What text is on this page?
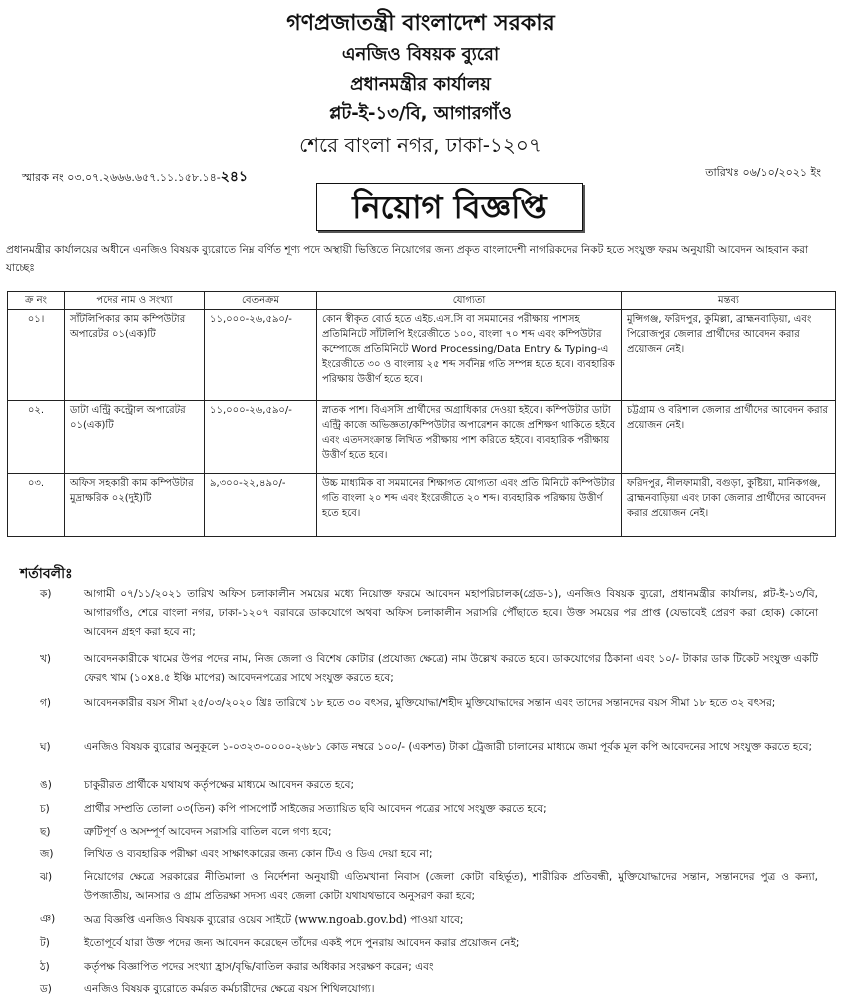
গণপ্রজাতন্ত্রী বাংলাদেশ সরকার
এনজিও বিষয়ক ব্যুরো
প্রধানমন্ত্রীর কার্যালয়
প্লট-ই-১৩/বি, আগারগাঁও
শেরে বাংলা নগর, ঢাকা-১২০৭
স্মারক নং ০৩.০৭.২৬৬৬.৬৫৭.১১.১৫৮.১৪-২৪১	তারিখঃ ০৬/১০/২০২১ ইং
নিয়োগ বিজ্ঞপ্তি
প্রধানমন্ত্রীর কার্যালয়ের অধীনে এনজিও বিষয়ক ব্যুরোতে নিম্ন বর্ণিত শূণ্য পদে অস্থায়ী ভিত্তিতে নিয়োগের জন্য প্রকৃত বাংলাদেশী নাগরিকদের নিকট হতে সংযুক্ত ফরম অনুযায়ী আবেদন আহবান করা যাচ্ছেঃ
ক্র নং	পদের নাম ও সংখ্যা	বেতনক্রম	যোগ্যতা	মন্তব্য
০১।	সাঁটলিপিকার কাম কম্পিউটার অপারেটর ০১(এক)টি	১১,০০০-২৬,৫৯০/-	কোন স্বীকৃত বোর্ড হতে এইচ.এস.সি বা সমমানের পরীক্ষায় পাশসহ প্রতিমিনিটে সাঁটলিপি ইংরেজীতে ১০০, বাংলা ৭০ শব্দ এবং কম্পিউটার কম্পোজে প্রতিমিনিটে Word Processing/Data Entry & Typing-এ ইংরেজীতে ৩০ ও বাংলায় ২৫ শব্দ সর্বনিম্ন গতি সম্পন্ন হতে হবে। ব্যবহারিক পরিক্ষায় উত্তীর্ণ হতে হবে।	মুন্সিগঞ্জ, ফরিদপুর, কুমিল্লা, ব্রাহ্মনবাড়িয়া, এবং পিরোজপুর জেলার প্রার্থীদের আবেদন করার প্রয়োজন নেই।
০২.	ডাটা এন্ট্রি কন্ট্রোল অপারেটর ০১(এক)টি	১১,০০০-২৬,৫৯০/-	স্নাতক পাশ। বিএসসি প্রার্থীদের অগ্রাধিকার দেওয়া হইবে। কম্পিউটার ডাটা এন্ট্রি কাজে অভিজ্ঞতা/কম্পিউটার অপারেশন কাজে প্রশিক্ষণ থাকিতে হইবে এবং এতদসংক্রান্ত লিখিত পরীক্ষায় পাশ করিতে হইবে। ব্যবহারিক পরীক্ষায় উত্তীর্ণ হতে হবে।	চট্টগ্রাম ও বরিশাল জেলার প্রার্থীদের আবেদন করার প্রয়োজন নেই।
০৩.	অফিস সহকারী কাম কম্পিউটার মুদ্রাক্ষরিক ০২(দুই)টি	৯,৩০০-২২,৪৯০/-	উচ্চ মাধ্যমিক বা সমমানের শিক্ষাগত যোগ্যতা এবং প্রতি মিনিটে কম্পিউটার গতি বাংলা ২০ শব্দ এবং ইংরেজীতে ২০ শব্দ। ব্যবহারিক পরিক্ষায় উত্তীর্ণ হতে হবে।	ফরিদপুর, নীলফামারী, বগুড়া, কুষ্টিয়া, মানিকগঞ্জ, ব্রাহ্মনবাড়িয়া এবং ঢাকা জেলার প্রার্থীদের আবেদন করার প্রয়োজন নেই।
শর্তাবলীঃ
ক)	আগামী ০৭/১১/২০২১ তারিখ অফিস চলাকালীন সময়ের মধ্যে নিয়োক্ত ফরমে আবেদন মহাপরিচালক(গ্রেড-১), এনজিও বিষয়ক ব্যুরো, প্রধানমন্ত্রীর কার্যালয়, প্লট-ই-১৩/বি, আগারগাঁও, শেরে বাংলা নগর, ঢাকা-১২০৭ বরাবরে ডাকযোগে অথবা অফিস চলাকালীন সরাসরি পৌঁছাতে হবে। উক্ত সময়ের পর প্রাপ্ত (যেভাবেই প্রেরণ করা হোক) কোনো আবেদন গ্রহণ করা হবে না;
খ)	আবেদনকারীকে খামের উপর পদের নাম, নিজ জেলা ও বিশেষ কোটার (প্রযোজ্য ক্ষেত্রে) নাম উল্লেখ করতে হবে। ডাকযোগের ঠিকানা এবং ১০/- টাকার ডাক টিকেট সংযুক্ত একটি ফেরৎ খাম (১০x৪.৫ ইঞ্চি মাপের) আবেদনপত্রের সাথে সংযুক্ত করতে হবে;
গ)	আবেদনকারীর বয়স সীমা ২৫/০৩/২০২০ খ্রিঃ তারিখে ১৮ হতে ৩০ বৎসর, মুক্তিযোদ্ধা/শহীদ মুক্তিযোদ্ধাদের সন্তান এবং তাদের সন্তানদের বয়স সীমা ১৮ হতে ৩২ বৎসর;
ঘ)	এনজিও বিষয়ক ব্যুরোর অনুকূলে ১-০৩২৩-০০০০-২৬৮১ কোড নম্বরে ১০০/- (একশত) টাকা ট্রেজারী চালানের মাধ্যমে জমা পূর্বক মূল কপি আবেদনের সাথে সংযুক্ত করতে হবে;
ঙ)	চাকুরীরত প্রার্থীকে যথাযথ কর্তৃপক্ষের মাধ্যমে আবেদন করতে হবে;
চ)	প্রার্থীর সম্প্রতি তোলা ০৩(তিন) কপি পাসপোর্ট সাইজের সত্যায়িত ছবি আবেদন পত্রের সাথে সংযুক্ত করতে হবে;
ছ)	ত্রুটিপূর্ণ ও অসম্পূর্ণ আবেদন সরাসরি বাতিল বলে গণ্য হবে;
জ)	লিখিত ও ব্যবহারিক পরীক্ষা এবং সাক্ষাৎকারের জন্য কোন টিএ ও ডিএ দেয়া হবে না;
ঝ)	নিয়োগের ক্ষেত্রে সরকারের নীতিমালা ও নির্দেশনা অনুযায়ী এতিমখানা নিবাস (জেলা কোটা বহির্ভূত), শারীরিক প্রতিবন্ধী, মুক্তিযোদ্ধাদের সন্তান, সন্তানদের পুত্র ও কন্যা, উপজাতীয়, আনসার ও গ্রাম প্রতিরক্ষা সদস্য এবং জেলা কোটা যথাযথভাবে অনুসরণ করা হবে;
ঞ)	অত্র বিজ্ঞপ্তি এনজিও বিষয়ক ব্যুরোর ওয়েব সাইটে (www.ngoab.gov.bd) পাওয়া যাবে;
ট)	ইতোপূর্বে যারা উক্ত পদের জন্য আবেদন করেছেন তাঁদের একই পদে পুনরায় আবেদন করার প্রয়োজন নেই;
ঠ)	কর্তৃপক্ষ বিজ্ঞাপিত পদের সংখ্যা হ্রাস/বৃদ্ধি/বাতিল করার অধিকার সংরক্ষণ করেন; এবং
ড)	এনজিও বিষয়ক ব্যুরোতে কর্মরত কর্মচারীদের ক্ষেত্রে বয়স শিথিলযোগ্য।
